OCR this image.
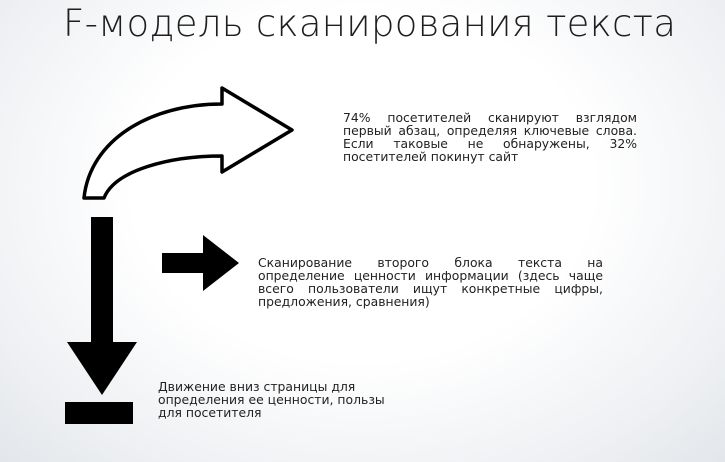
F-модель сканирования текста

74% посетителей сканируют взглядом первый абзац, определяя ключевые слова. Если таковые не обнаружены, 32% посетителей покинут сайт

Сканирование второго блока текста на определение ценности информации (здесь чаще всего пользователи ищут конкретные цифры, предложения, сравнения)

Движение вниз страницы для определения ее ценности, пользы для посетителя
